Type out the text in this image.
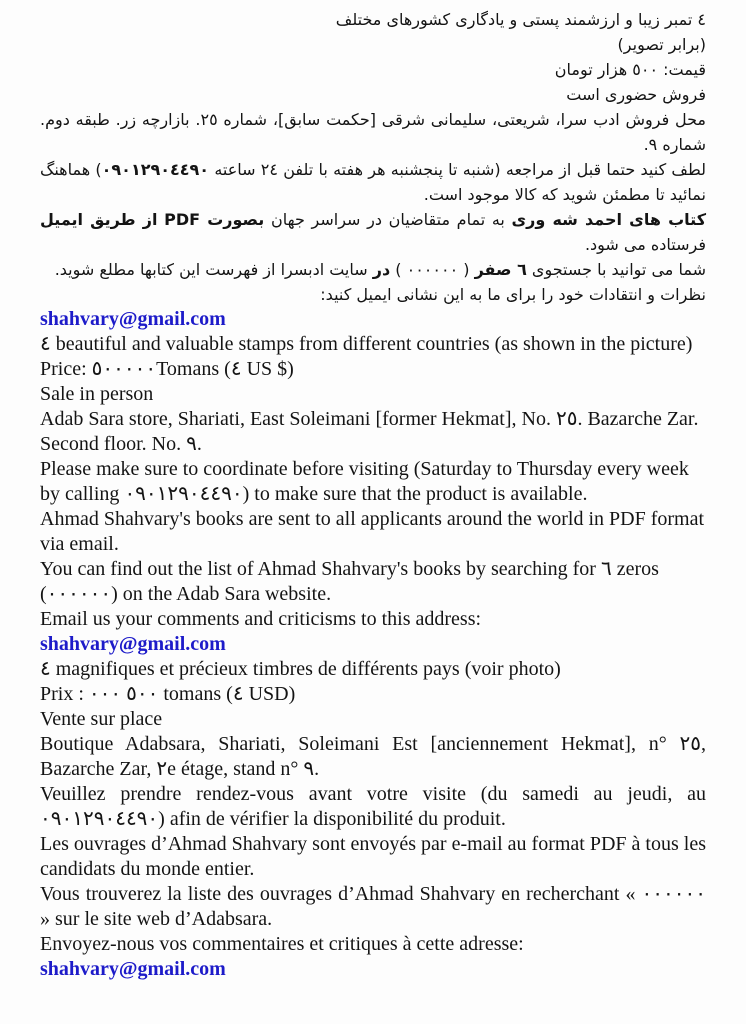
٤ تمبر زیبا و ارزشمند پستی و یادگاری کشورهای مختلف
(برابر تصویر)
قیمت: ٥٠٠ هزار تومان
فروش حضوری است
محل فروش ادب سرا، شریعتی، سلیمانی شرقی [حکمت سابق]، شماره ٢٥. بازارچه زر. طبقه دوم. شماره ٩.
لطف کنید حتما قبل از مراجعه (شنبه تا پنجشنبه هر هفته با تلفن ٢٤ ساعته ٠٩٠١٢٩٠٤٤٩٠) هماهنگ نمائید تا مطمئن شوید که کالا موجود است.
کتاب های احمد شه وری به تمام متقاضیان در سراسر جهان بصورت PDF از طریق ایمیل فرستاده می شود.
شما می توانید با جستجوی ٦ صفر ( ٠٠٠٠٠٠ ) در سایت ادبسرا از فهرست این کتابها مطلع شوید.
نظرات و انتقادات خود را برای ما به این نشانی ایمیل کنید:
shahvary@gmail.com
٤ beautiful and valuable stamps from different countries (as shown in the picture)
Price: ٥٠٠٠٠٠Tomans (٤ US $)
Sale in person
Adab Sara store, Shariati, East Soleimani [former Hekmat], No. ٢٥. Bazarche Zar. Second floor. No. ٩.
Please make sure to coordinate before visiting (Saturday to Thursday every week by calling ٠٩٠١٢٩٠٤٤٩٠) to make sure that the product is available.
Ahmad Shahvary's books are sent to all applicants around the world in PDF format via email.
You can find out the list of Ahmad Shahvary's books by searching for ٦ zeros (٠٠٠٠٠٠) on the Adab Sara website.
Email us your comments and criticisms to this address:
shahvary@gmail.com
٤ magnifiques et précieux timbres de différents pays (voir photo)
Prix : ٥٠٠ ٠٠٠ tomans (٤ USD)
Vente sur place
Boutique Adabsara, Shariati, Soleimani Est [anciennement Hekmat], n° ٢٥, Bazarche Zar, ٢e étage, stand n° ٩.
Veuillez prendre rendez-vous avant votre visite (du samedi au jeudi, au ٠٩٠١٢٩٠٤٤٩٠) afin de vérifier la disponibilité du produit.
Les ouvrages d’Ahmad Shahvary sont envoyés par e-mail au format PDF à tous les candidats du monde entier.
Vous trouverez la liste des ouvrages d’Ahmad Shahvary en recherchant « ٠٠٠٠٠٠ » sur le site web d’Adabsara.
Envoyez-nous vos commentaires et critiques à cette adresse:
shahvary@gmail.com
